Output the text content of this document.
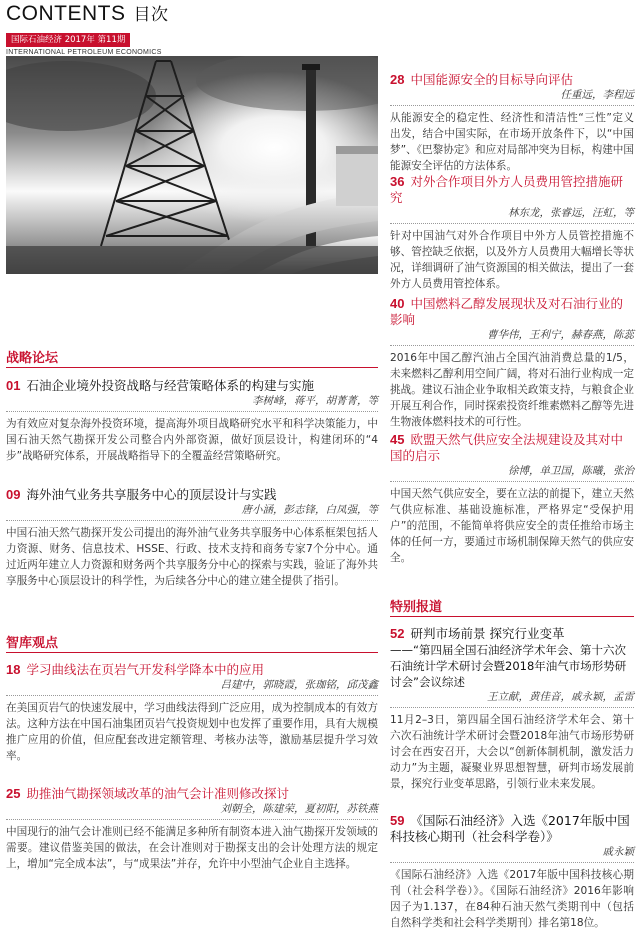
CONTENTS 目次
国际石油经济 2017年 第11期
INTERNATIONAL PETROLEUM ECONOMICS
战略论坛
01 石油企业境外投资战略与经营策略体系的构建与实施
李树峰，蒋平，胡菁菁，等
为有效应对复杂海外投资环境，提高海外项目战略研究水平和科学决策能力，中国石油天然气勘探开发公司整合内外部资源，做好顶层设计，构建闭环的“4步”战略研究体系，开展战略指导下的全覆盖经营策略研究。
09 海外油气业务共享服务中心的顶层设计与实践
唐小涵，彭志锋，白凤强，等
中国石油天然气勘探开发公司提出的海外油气业务共享服务中心体系框架包括人力资源、财务、信息技术、HSSE、行政、技术支持和商务专家7个分中心。通过近两年建立人力资源和财务两个共享服务分中心的探索与实践，验证了海外共享服务中心顶层设计的科学性，为后续各分中心的建立建全提供了指引。
智库观点
18 学习曲线法在页岩气开发科学降本中的应用
吕建中，郭晓霞，张珈铭，邱茂鑫
在美国页岩气的快速发展中，学习曲线法得到广泛应用，成为控制成本的有效方法。这种方法在中国石油集团页岩气投资规划中也发挥了重要作用，具有大规模推广应用的价值，但应配套改进定额管理、考核办法等，激励基层提升学习效率。
25 助推油气勘探领域改革的油气会计准则修改探讨
刘朝全，陈建荣，夏初阳，苏铁燕
中国现行的油气会计准则已经不能满足多种所有制资本进入油气勘探开发领域的需要。建议借鉴美国的做法，在会计准则对于勘探支出的会计处理方法的规定上，增加“完全成本法”，与“成果法”并存，允许中小型油气企业自主选择。
28 中国能源安全的目标导向评估
任重远，李程远
从能源安全的稳定性、经济性和清洁性“三性”定义出发，结合中国实际，在市场开放条件下，以“中国梦”、《巴黎协定》和应对局部冲突为目标，构建中国能源安全评估的方法体系。
36 对外合作项目外方人员费用管控措施研究
林东龙，张睿远，汪虹，等
针对中国油气对外合作项目中外方人员管控措施不够、管控缺乏依据，以及外方人员费用大幅增长等状况，详细调研了油气资源国的相关做法，提出了一套外方人员费用管控体系。
40 中国燃料乙醇发展现状及对石油行业的影响
曹华伟，王利宁，赫春燕，陈蕊
2016年中国乙醇汽油占全国汽油消费总量的1/5，未来燃料乙醇利用空间广阔，将对石油行业构成一定挑战。建议石油企业争取相关政策支持，与粮食企业开展互利合作，同时探索投资纤维素燃料乙醇等先进生物液体燃料技术的可行性。
45 欧盟天然气供应安全法规建设及其对中国的启示
徐博，单卫国，陈曦，张治
中国天然气供应安全，要在立法的前提下，建立天然气供应标准、基础设施标准，严格界定“受保护用户”的范围，不能简单将供应安全的责任推给市场主体的任何一方，要通过市场机制保障天然气的供应安全。
特别报道
52 研判市场前景 探究行业变革
——“第四届全国石油经济学术年会、第十六次石油统计学术研讨会暨2018年油气市场形势研讨会”会议综述
王立献，黄佳音，戚永颖，孟雷
11月2–3日，第四届全国石油经济学术年会、第十六次石油统计学术研讨会暨2018年油气市场形势研讨会在西安召开，大会以“创新体制机制，激发活力动力”为主题，凝聚业界思想智慧，研判市场发展前景，探究行业变革思路，引领行业未来发展。
59 《国际石油经济》入选《2017年版中国科技核心期刊（社会科学卷）》
戚永颖
《国际石油经济》入选《2017年版中国科技核心期刊（社会科学卷）》。《国际石油经济》2016年影响因子为1.137，在84种石油天然气类期刊中（包括自然科学类和社会科学类期刊）排名第18位。
